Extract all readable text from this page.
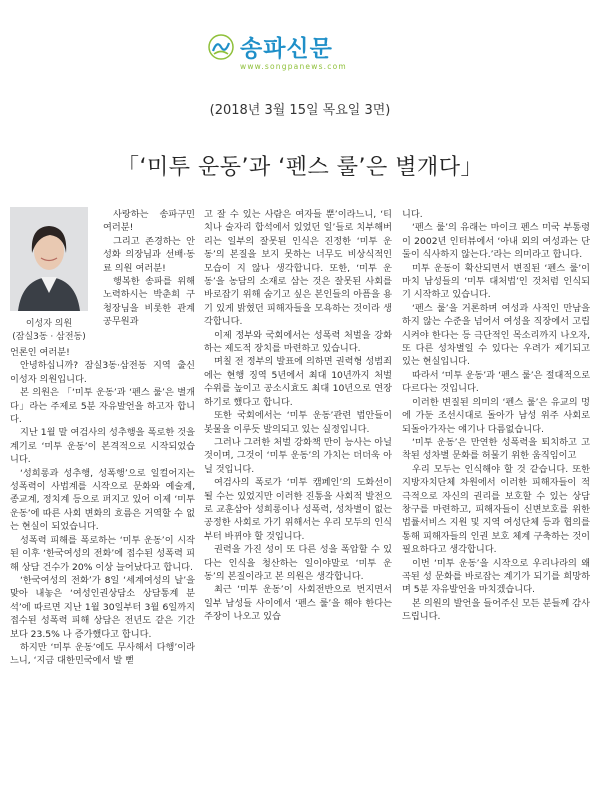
송파신문
www.songpanews.com
(2018년 3월 15일 목요일 3면)
「‘미투 운동’과 ‘펜스 룰’은 별개다」
이성자 의원
(잠실3동 · 삼전동)

사랑하는 송파구민 여러분!

그리고 존경하는 안성화 의장님과 선배·동료 의원 여러분!

행복한 송파를 위해 노력하시는 박춘희 구청장님을 비롯한 관계 공무원과

언론인 여러분!

안녕하십니까? 잠실3동·삼전동 지역 출신 이성자 의원입니다.

본 의원은 「‘미투 운동’과 ‘펜스 룰’은 별개다」라는 주제로 5분 자유발언을 하고자 합니다.

지난 1월 말 여검사의 성추행을 폭로한 것을 계기로 ‘미투 운동’이 본격적으로 시작되었습니다.

‘성희롱과 성추행, 성폭행’으로 일컬어지는 성폭력이 사법계를 시작으로 문화와 예술계, 종교계, 정치계 등으로 퍼지고 있어 이제 ‘미투 운동’에 따른 사회 변화의 흐름은 거역할 수 없는 현실이 되었습니다.

성폭력 피해를 폭로하는 ‘미투 운동’이 시작된 이후 ‘한국여성의 전화’에 접수된 성폭력 피해 상담 건수가 20% 이상 늘어났다고 합니다.

‘한국여성의 전화’가 8일 ‘세계여성의 날’을 맞아 내놓은 ‘여성인권상담소 상담통계 분석’에 따르면 지난 1월 30일부터 3월 6일까지 접수된 성폭력 피해 상담은 전년도 같은 기간보다 23.5% 나 증가했다고 합니다.

하지만 ‘미투 운동’에도 무사해서 다행’이라느니, ‘지금 대한민국에서 발 뻗

고 잘 수 있는 사람은 여자들 뿐’이라느니, ‘티치나 술자리 합석에서 있었던 일’들로 치부해버리는 일부의 잘못된 인식은 진정한 ‘미투 운동’의 본질을 보지 못하는 너무도 비상식적인 모습이 지 않나 생각합니다. 또한, ‘미투 운동’을 농담의 소재로 삼는 것은 잘못된 사회를 바로잡기 위해 숨기고 싶은 본인들의 아픔을 용기 있게 밝혔던 피해자들을 모욕하는 것이라 생각합니다.

이제 정부와 국회에서는 성폭력 처벌을 강화하는 제도적 장치를 마련하고 있습니다.

며칠 전 정부의 발표에 의하면 권력형 성범죄에는 현행 징역 5년에서 최대 10년까지 처벌 수위를 높이고 공소시효도 최대 10년으로 연장하기로 했다고 합니다.

또한 국회에서는 ‘미투 운동’관련 법안들이 봇물을 이루듯 발의되고 있는 실정입니다.

그러나 그러한 처벌 강화책 만이 능사는 아닐 것이며, 그것이 ‘미투 운동’의 가치는 더더욱 아닐 것입니다.

여검사의 폭로가 ‘미투 캠페인’의 도화선이 될 수는 있었지만 이러한 진통을 사회적 발전으로 교훈삼아 성희롱이나 성폭력, 성차별이 없는 공정한 사회로 가기 위해서는 우리 모두의 인식부터 바뀌야 할 것입니다.

권력을 가진 성이 또 다른 성을 폭압할 수 있다는 인식을 청산하는 일이야말로 ‘미투 운동’의 본질이라고 본 의원은 생각합니다.

최근 ‘미투 운동’이 사회전반으로 번지면서 일부 남성들 사이에서 ‘펜스 룰’을 해야 한다는 주장이 나오고 있습

니다.

‘펜스 룰’의 유래는 마이크 펜스 미국 부통령이 2002년 인터뷰에서 ‘아내 외의 여성과는 단둘이 식사하지 않는다.’라는 의미라고 합니다.

미투 운동이 확산되면서 변질된 ‘펜스 룰’이 마치 남성들의 ‘미투 대처법’인 것처럼 인식되기 시작하고 있습니다.

‘펜스 룰’을 거론하며 여성과 사적인 만남을 하지 않는 수준을 넘어서 여성을 직장에서 고립시켜야 한다는 등 극단적인 목소리까지 나오자, 또 다른 성차별일 수 있다는 우려가 제기되고 있는 현실입니다.

따라서 ‘미투 운동’과 ‘펜스 룰’은 절대적으로 다르다는 것입니다.

이러한 변질된 의미의 ‘펜스 룰’은 유교의 멍에 가둔 조선시대로 돌아가 남성 위주 사회로 되돌아가자는 얘기나 다름없습니다.

‘미투 운동’은 만연한 성폭력을 퇴치하고 고착된 성차별 문화를 허물기 위한 움직임이고

우리 모두는 인식해야 할 것 같습니다. 또한 지방자치단체 차원에서 이러한 피해자들이 적극적으로 자신의 권리를 보호할 수 있는 상담 창구를 마련하고, 피해자들이 신변보호를 위한 법률서비스 지원 및 지역 여성단체 등과 협의를 통해 피해자들의 인권 보호 체계 구축하는 것이 필요하다고 생각합니다.

이번 ‘미투 운동’을 시작으로 우리나라의 왜곡된 성 문화를 바로잡는 계기가 되기를 희망하며 5분 자유발언을 마치겠습니다.

본 의원의 발언을 들어주신 모든 분들께 감사드립니다.
